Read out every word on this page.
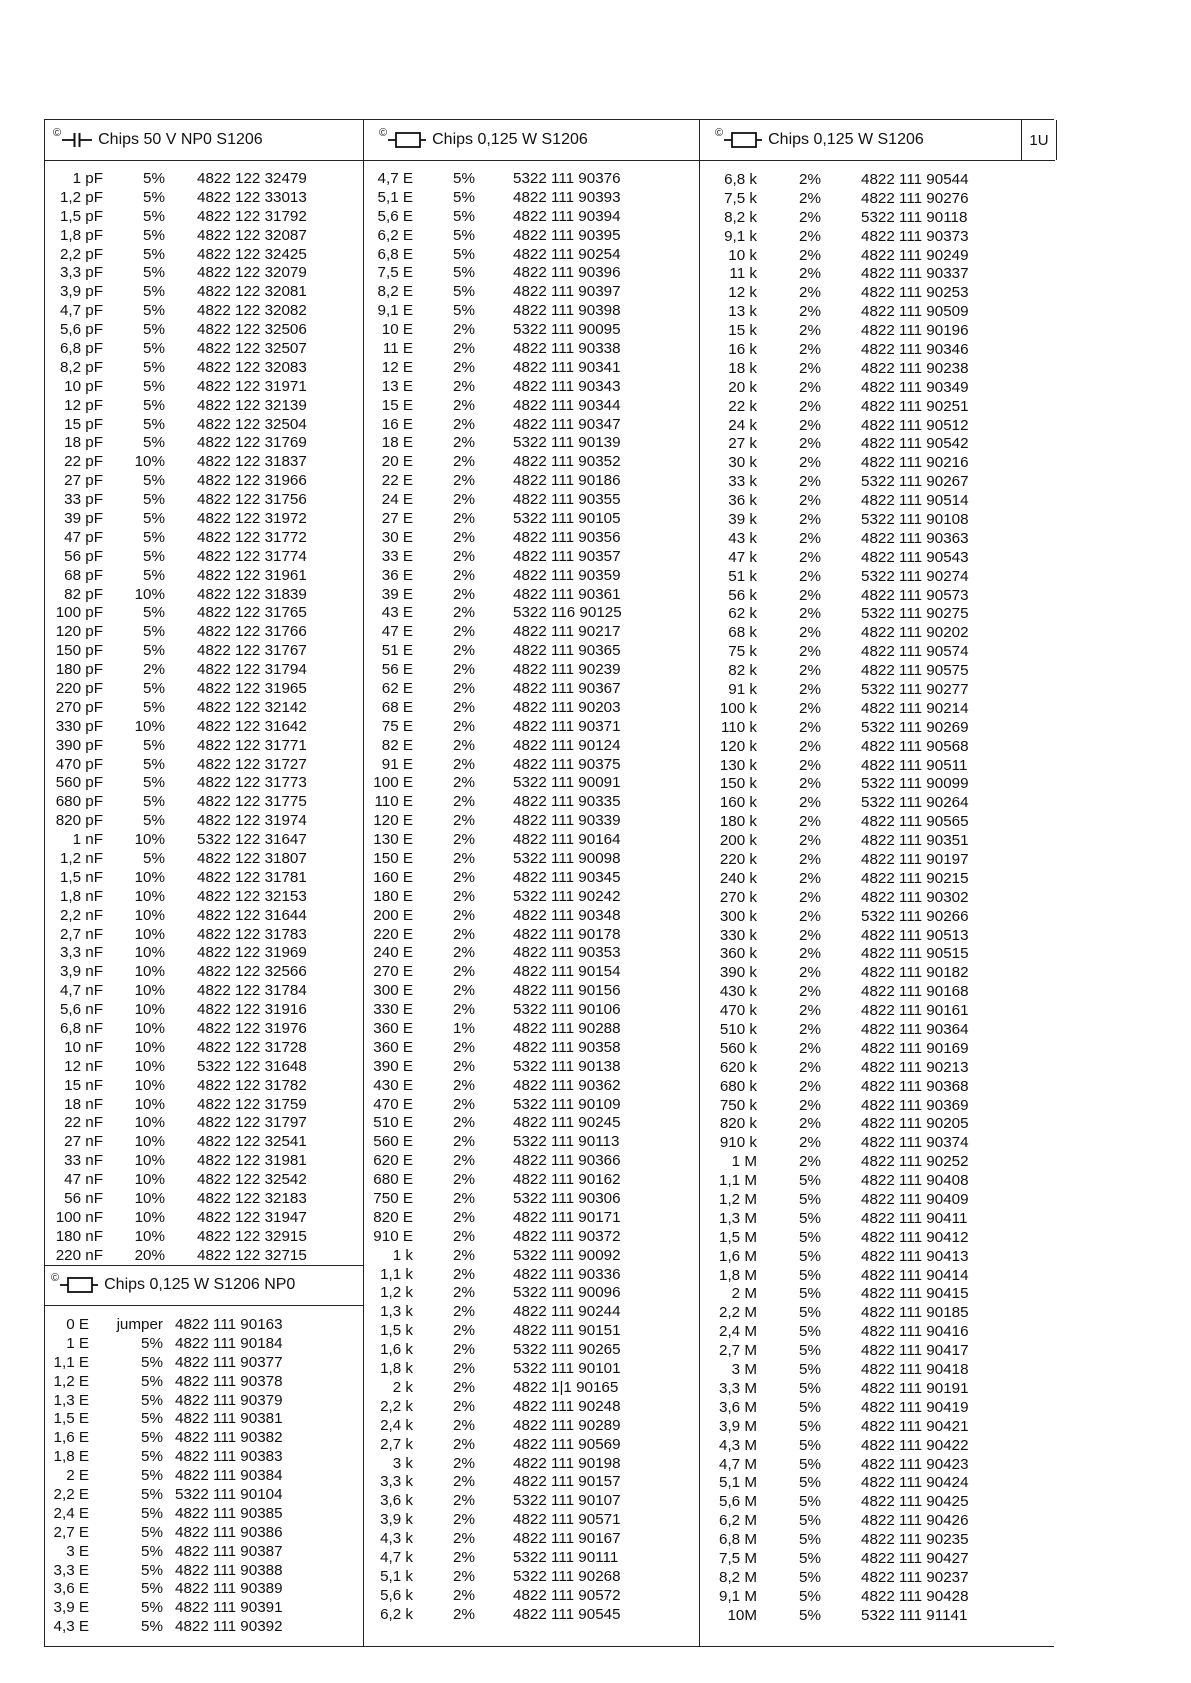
© Chips 50 V NP0 S1206	©	Chips 0,125 W S1206	©	Chips 0,125 W S1206	1U
©	Chips 0,125 W S1206 NP0
1 pF	5% 4822 122 32479
1,2 pF	5% 4822 122 33013
1,5 pF	5% 4822 122 31792
1,8 pF	5% 4822 122 32087
2,2 pF	5% 4822 122 32425
3,3 pF	5% 4822 122 32079
3,9 pF	5% 4822 122 32081
4,7 pF	5% 4822 122 32082
5,6 pF	5% 4822 122 32506
6,8 pF	5% 4822 122 32507
8,2 pF	5% 4822 122 32083
10 pF	5% 4822 122 31971
12 pF	5% 4822 122 32139
15 pF	5% 4822 122 32504
18 pF	5% 4822 122 31769
22 pF	10% 4822 122 31837
27 pF	5% 4822 122 31966
33 pF	5% 4822 122 31756
39 pF	5% 4822 122 31972
47 pF	5% 4822 122 31772
56 pF	5% 4822 122 31774
68 pF	5% 4822 122 31961
82 pF	10% 4822 122 31839
100 pF	5% 4822 122 31765
120 pF	5% 4822 122 31766
150 pF	5% 4822 122 31767
180 pF	2% 4822 122 31794
220 pF	5% 4822 122 31965
270 pF	5% 4822 122 32142
330 pF	10% 4822 122 31642
390 pF	5% 4822 122 31771
470 pF	5% 4822 122 31727
560 pF	5% 4822 122 31773
680 pF	5% 4822 122 31775
820 pF	5% 4822 122 31974
1 nF	10% 5322 122 31647
1,2 nF	5% 4822 122 31807
1,5 nF	10% 4822 122 31781
1,8 nF	10% 4822 122 32153
2,2 nF	10% 4822 122 31644
2,7 nF	10% 4822 122 31783
3,3 nF	10% 4822 122 31969
3,9 nF	10% 4822 122 32566
4,7 nF	10% 4822 122 31784
5,6 nF	10% 4822 122 31916
6,8 nF	10% 4822 122 31976
10 nF	10% 4822 122 31728
12 nF	10% 5322 122 31648
15 nF	10% 4822 122 31782
18 nF	10% 4822 122 31759
22 nF	10% 4822 122 31797
27 nF	10% 4822 122 32541
33 nF	10% 4822 122 31981
47 nF	10% 4822 122 32542
56 nF	10% 4822 122 32183
100 nF	10% 4822 122 31947
180 nF	10% 4822 122 32915
220 nF	20% 4822 122 32715
0 E	jumper 4822 111 90163
1 E	5% 4822 111 90184
1,1 E	5% 4822 111 90377
1,2 E	5% 4822 111 90378
1,3 E	5% 4822 111 90379
1,5 E	5% 4822 111 90381
1,6 E	5% 4822 111 90382
1,8 E	5% 4822 111 90383
2 E	5% 4822 111 90384
2,2 E	5% 5322 111 90104
2,4 E	5% 4822 111 90385
2,7 E	5% 4822 111 90386
3 E	5% 4822 111 90387
3,3 E	5% 4822 111 90388
3,6 E	5% 4822 111 90389
3,9 E	5% 4822 111 90391
4,3 E	5% 4822 111 90392
4,7 E	5%	5322 111 90376
5,1 E	5%	4822 111 90393
5,6 E	5%	4822 111 90394
6,2 E	5%	4822 111 90395
6,8 E	5%	4822 111 90254
7,5 E	5%	4822 111 90396
8,2 E	5%	4822 111 90397
9,1 E	5%	4822 111 90398
10 E	2%	5322 111 90095
11 E	2%	4822 111 90338
12 E	2%	4822 111 90341
13 E	2%	4822 111 90343
15 E	2%	4822 111 90344
16 E	2%	4822 111 90347
18 E	2%	5322 111 90139
20 E	2%	4822 111 90352
22 E	2%	4822 111 90186
24 E	2%	4822 111 90355
27 E	2%	5322 111 90105
30 E	2%	4822 111 90356
33 E	2%	4822 111 90357
36 E	2%	4822 111 90359
39 E	2%	4822 111 90361
43 E	2%	5322 116 90125
47 E	2%	4822 111 90217
51 E	2%	4822 111 90365
56 E	2%	4822 111 90239
62 E	2%	4822 111 90367
68 E	2%	4822 111 90203
75 E	2%	4822 111 90371
82 E	2%	4822 111 90124
91 E	2%	4822 111 90375
100 E	2%	5322 111 90091
110 E	2%	4822 111 90335
120 E	2%	4822 111 90339
130 E	2%	4822 111 90164
150 E	2%	5322 111 90098
160 E	2%	4822 111 90345
180 E	2%	5322 111 90242
200 E	2%	4822 111 90348
220 E	2%	4822 111 90178
240 E	2%	4822 111 90353
270 E	2%	4822 111 90154
300 E	2%	4822 111 90156
330 E	2%	5322 111 90106
360 E	1%	4822 111 90288
360 E	2%	4822 111 90358
390 E	2%	5322 111 90138
430 E	2%	4822 111 90362
470 E	2%	5322 111 90109
510 E	2%	4822 111 90245
560 E	2%	5322 111 90113
620 E	2%	4822 111 90366
680 E	2%	4822 111 90162
750 E	2%	5322 111 90306
820 E	2%	4822 111 90171
910 E	2%	4822 111 90372
1 k	2%	5322 111 90092
1,1 k	2%	4822 111 90336
1,2 k	2%	5322 111 90096
1,3 k	2%	4822 111 90244
1,5 k	2%	4822 111 90151
1,6 k	2%	5322 111 90265
1,8 k	2%	5322 111 90101
2 k	2%	4822 1|1 90165
2,2 k	2%	4822 111 90248
2,4 k	2%	4822 111 90289
2,7 k	2%	4822 111 90569
3 k	2%	4822 111 90198
3,3 k	2%	4822 111 90157
3,6 k	2%	5322 111 90107
3,9 k	2%	4822 111 90571
4,3 k	2%	4822 111 90167
4,7 k	2%	5322 111 90111
5,1 k	2%	5322 111 90268
5,6 k	2%	4822 111 90572
6,2 k	2%	4822 111 90545
6,8 k	2%	4822 111 90544
7,5 k	2%	4822 111 90276
8,2 k	2%	5322 111 90118
9,1 k	2%	4822 111 90373
10 k	2%	4822 111 90249
11 k	2%	4822 111 90337
12 k	2%	4822 111 90253
13 k	2%	4822 111 90509
15 k	2%	4822 111 90196
16 k	2%	4822 111 90346
18 k	2%	4822 111 90238
20 k	2%	4822 111 90349
22 k	2%	4822 111 90251
24 k	2%	4822 111 90512
27 k	2%	4822 111 90542
30 k	2%	4822 111 90216
33 k	2%	5322 111 90267
36 k	2%	4822 111 90514
39 k	2%	5322 111 90108
43 k	2%	4822 111 90363
47 k	2%	4822 111 90543
51 k	2%	5322 111 90274
56 k	2%	4822 111 90573
62 k	2%	5322 111 90275
68 k	2%	4822 111 90202
75 k	2%	4822 111 90574
82 k	2%	4822 111 90575
91 k	2%	5322 111 90277
100 k	2%	4822 111 90214
110 k	2%	5322 111 90269
120 k	2%	4822 111 90568
130 k	2%	4822 111 90511
150 k	2%	5322 111 90099
160 k	2%	5322 111 90264
180 k	2%	4822 111 90565
200 k	2%	4822 111 90351
220 k	2%	4822 111 90197
240 k	2%	4822 111 90215
270 k	2%	4822 111 90302
300 k	2%	5322 111 90266
330 k	2%	4822 111 90513
360 k	2%	4822 111 90515
390 k	2%	4822 111 90182
430 k	2%	4822 111 90168
470 k	2%	4822 111 90161
510 k	2%	4822 111 90364
560 k	2%	4822 111 90169
620 k	2%	4822 111 90213
680 k	2%	4822 111 90368
750 k	2%	4822 111 90369
820 k	2%	4822 111 90205
910 k	2%	4822 111 90374
1 M	2%	4822 111 90252
1,1 M	5%	4822 111 90408
1,2 M	5%	4822 111 90409
1,3 M	5%	4822 111 90411
1,5 M	5%	4822 111 90412
1,6 M	5%	4822 111 90413
1,8 M	5%	4822 111 90414
2 M	5%	4822 111 90415
2,2 M	5%	4822 111 90185
2,4 M	5%	4822 111 90416
2,7 M	5%	4822 111 90417
3 M	5%	4822 111 90418
3,3 M	5%	4822 111 90191
3,6 M	5%	4822 111 90419
3,9 M	5%	4822 111 90421
4,3 M	5%	4822 111 90422
4,7 M	5%	4822 111 90423
5,1 M	5%	4822 111 90424
5,6 M	5%	4822 111 90425
6,2 M	5%	4822 111 90426
6,8 M	5%	4822 111 90235
7,5 M	5%	4822 111 90427
8,2 M	5%	4822 111 90237
9,1 M	5%	4822 111 90428
10M	5%	5322 111 91141
